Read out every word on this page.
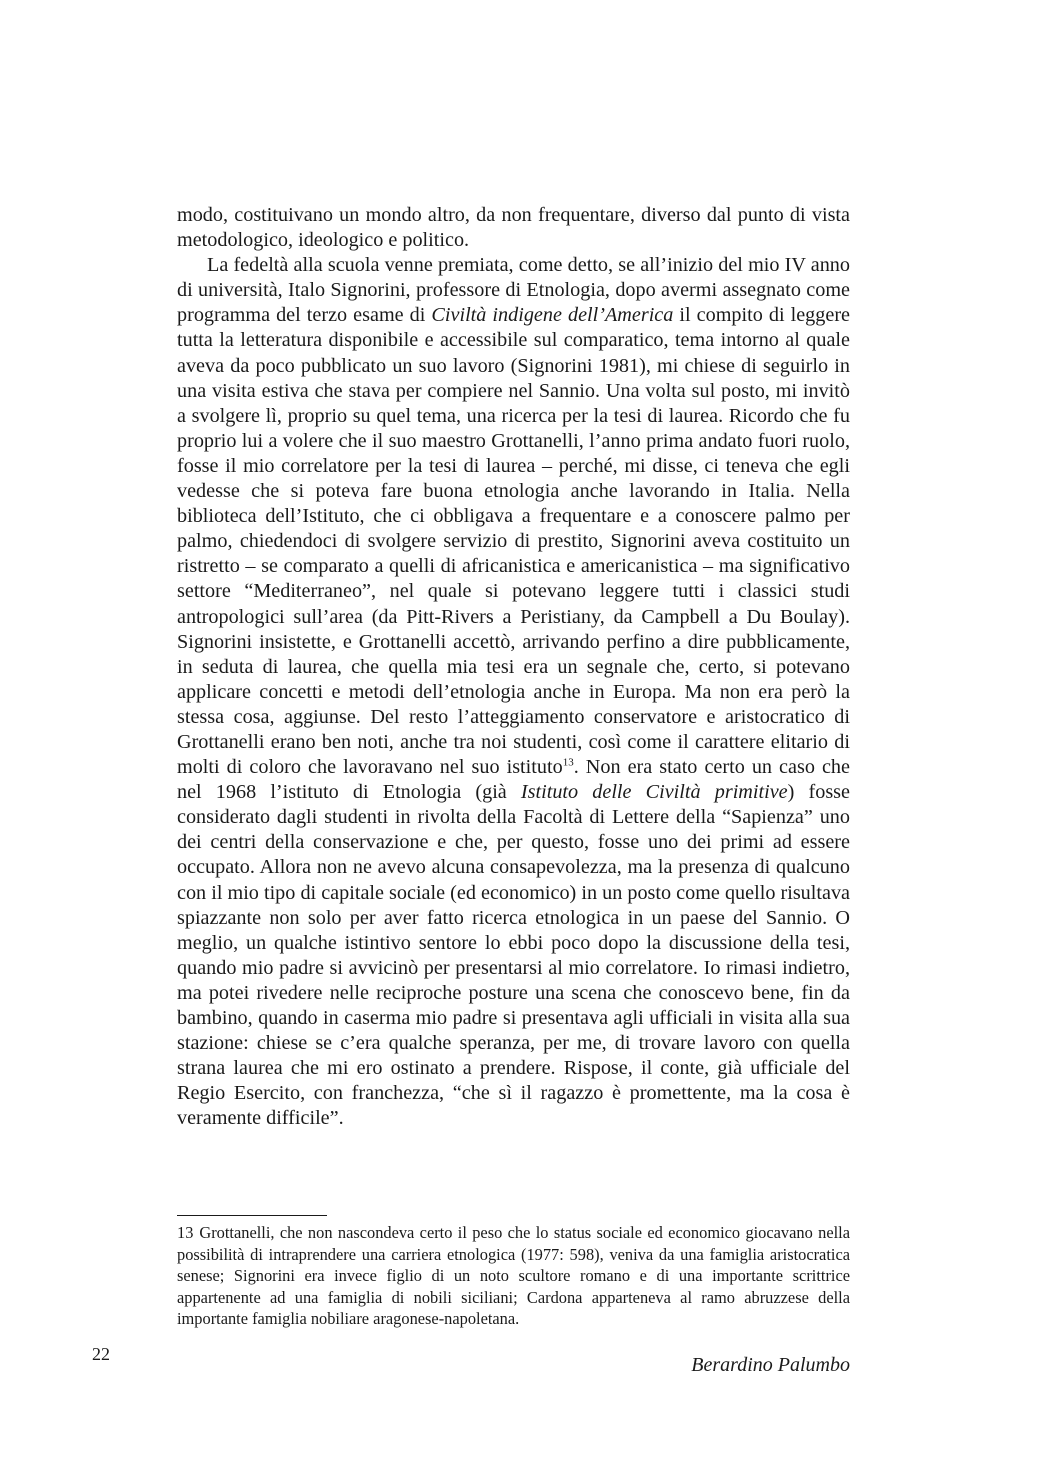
modo, costituivano un mondo altro, da non frequentare, diverso dal punto di vista metodologico, ideologico e politico.

La fedeltà alla scuola venne premiata, come detto, se all’inizio del mio IV anno di università, Italo Signorini, professore di Etnologia, dopo avermi assegnato come programma del terzo esame di Civiltà indigene dell’America il compito di leggere tutta la letteratura disponibile e accessibile sul comparatico, tema intorno al quale aveva da poco pubblicato un suo lavoro (Signorini 1981), mi chiese di seguirlo in una visita estiva che stava per compiere nel Sannio. Una volta sul posto, mi invitò a svolgere lì, proprio su quel tema, una ricerca per la tesi di laurea. Ricordo che fu proprio lui a volere che il suo maestro Grottanelli, l’anno prima andato fuori ruolo, fosse il mio correlatore per la tesi di laurea – perché, mi disse, ci teneva che egli vedesse che si poteva fare buona etnologia anche lavorando in Italia. Nella biblioteca dell’Istituto, che ci obbligava a frequentare e a conoscere palmo per palmo, chiedendoci di svolgere servizio di prestito, Signorini aveva costituito un ristretto – se comparato a quelli di africanistica e americanistica – ma significativo settore “Mediterraneo”, nel quale si potevano leggere tutti i classici studi antropologici sull’area (da Pitt-Rivers a Peristiany, da Campbell a Du Boulay). Signorini insistette, e Grottanelli accettò, arrivando perfino a dire pubblicamente, in seduta di laurea, che quella mia tesi era un segnale che, certo, si potevano applicare concetti e metodi dell’etnologia anche in Europa. Ma non era però la stessa cosa, aggiunse. Del resto l’atteggiamento conservatore e aristocratico di Grottanelli erano ben noti, anche tra noi studenti, così come il carattere elitario di molti di coloro che lavoravano nel suo istituto$^{13}$. Non era stato certo un caso che nel 1968 l’istituto di Etnologia (già Istituto delle Civiltà primitive) fosse considerato dagli studenti in rivolta della Facoltà di Lettere della “Sapienza” uno dei centri della conservazione e che, per questo, fosse uno dei primi ad essere occupato. Allora non ne avevo alcuna consapevolezza, ma la presenza di qualcuno con il mio tipo di capitale sociale (ed economico) in un posto come quello risultava spiazzante non solo per aver fatto ricerca etnologica in un paese del Sannio. O meglio, un qualche istintivo sentore lo ebbi poco dopo la discussione della tesi, quando mio padre si avvicinò per presentarsi al mio correlatore. Io rimasi indietro, ma potei rivedere nelle reciproche posture una scena che conoscevo bene, fin da bambino, quando in caserma mio padre si presentava agli ufficiali in visita alla sua stazione: chiese se c’era qualche speranza, per me, di trovare lavoro con quella strana laurea che mi ero ostinato a prendere. Rispose, il conte, già ufficiale del Regio Esercito, con franchezza, “che sì il ragazzo è promettente, ma la cosa è veramente difficile”.

13 Grottanelli, che non nascondeva certo il peso che lo status sociale ed economico giocavano nella possibilità di intraprendere una carriera etnologica (1977: 598), veniva da una famiglia aristocratica senese; Signorini era invece figlio di un noto scultore romano e di una importante scrittrice appartenente ad una famiglia di nobili siciliani; Cardona apparteneva al ramo abruzzese della importante famiglia nobiliare aragonese-napoletana.
22	Berardino Palumbo
